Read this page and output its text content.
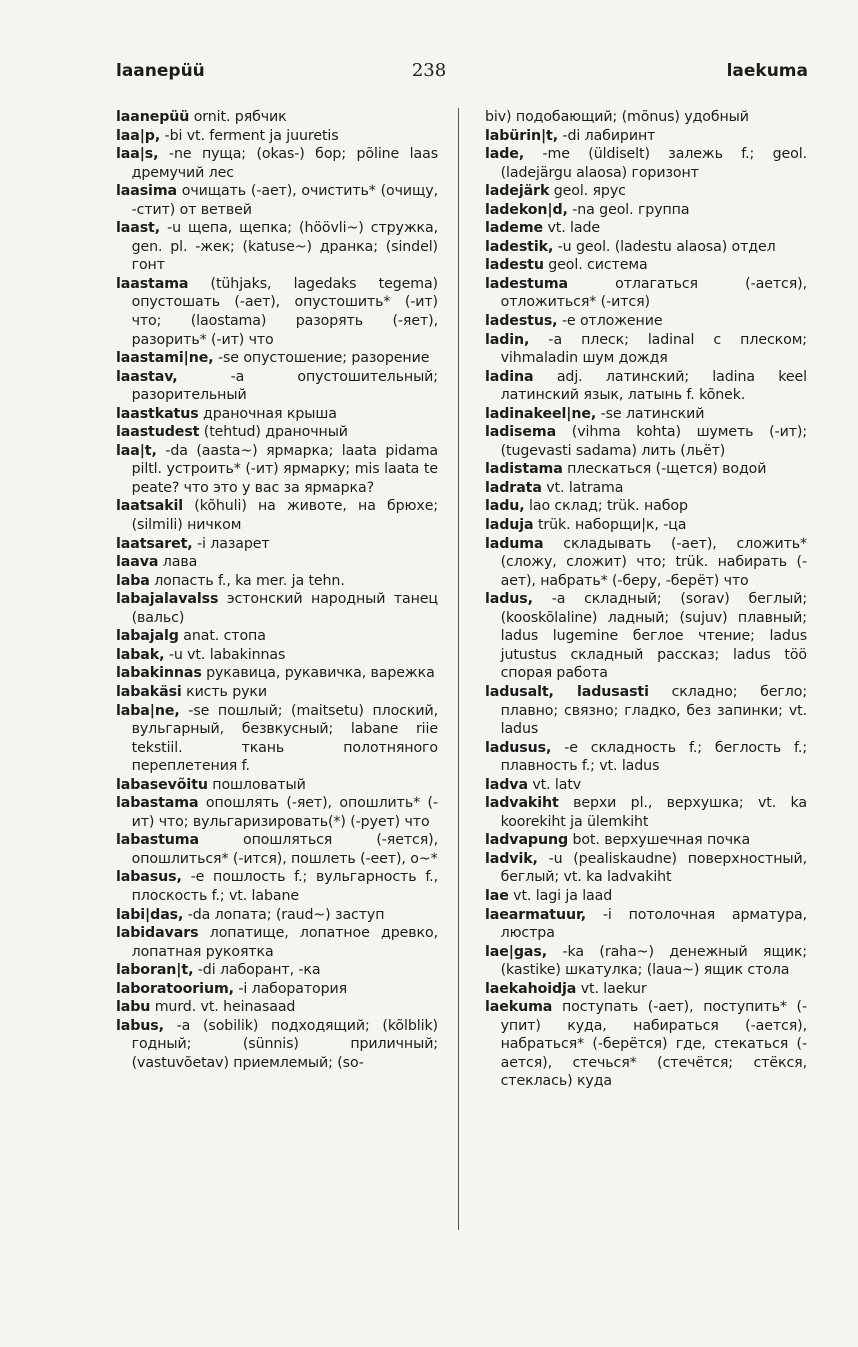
laanepüü	238	laekuma

laanepüü ornit. рябчик

laa|p, -bi vt. ferment ja juuretis

laa|s, -ne пуща; (okas-) бор; põline laas дремучий лес

laasima очищать (-ает), очистить* (очищу, -стит) от ветвей

laast, -u щепа, щепка; (höövli~) стружка, gen. pl. -жек; (katuse~) дранка; (sindel) гонт

laastama (tühjaks, lagedaks tegema) опустошать (-ает), опустошить* (-ит) что; (laostama) разорять (-яет), разорить* (-ит) что

laastami|ne, -se опустошение; разорение

laastav, -a опустошительный; разорительный

laastkatus драночная крыша

laastudest (tehtud) драночный

laa|t, -da (aasta~) ярмарка; laata pidama piltl. устроить* (-ит) ярмарку; mis laata te peate? что это у вас за ярмарка?

laatsakil (kõhuli) на животе, на брюхе; (silmili) ничком

laatsaret, -i лазарет

laava лава

laba лопасть f., ka mer. ja tehn.

labajalavalss эстонский народный танец (вальс)

labajalg anat. стопа

labak, -u vt. labakinnas

labakinnas рукавица, рукавичка, варежка

labakäsi кисть руки

laba|ne, -se пошлый; (maitsetu) плоский, вульгарный, безвкусный; labane riie tekstiil. ткань полотняного переплетения f.

labasevõitu пошловатый

labastama опошлять (-яет), опошлить* (-ит) что; вульгаризировать(*) (-рует) что

labastuma опошляться (-яется), опошлиться* (-ится), пошлеть (-еет), о~*

labasus, -e пошлость f.; вульгарность f., плоскость f.; vt. labane

labi|das, -da лопата; (raud~) заступ

labidavars лопатище, лопатное древко, лопатная рукоятка

laboran|t, -di лаборант, -ка

laboratoorium, -i лаборатория

labu murd. vt. heinasaad

labus, -a (sobilik) подходящий; (kõlblik) годный; (sünnis) приличный; (vastuvõetav) приемлемый; (so-

biv) подобающий; (mõnus) удобный

labürin|t, -di лабиринт

lade, -me (üldiselt) залежь f.; geol. (ladejärgu alaosa) горизонт

ladejärk geol. ярус

ladekon|d, -na geol. группа

lademe vt. lade

ladestik, -u geol. (ladestu alaosa) отдел

ladestu geol. система

ladestuma отлагаться (-ается), отложиться* (-ится)

ladestus, -e отложение

ladin, -a плеск; ladinal с плеском; vihmaladin шум дождя

ladina adj. латинский; ladina keel латинский язык, латынь f. kõnek.

ladinakeel|ne, -se латинский

ladisema (vihma kohta) шуметь (-ит); (tugevasti sadama) лить (льёт)

ladistama плескаться (-щется) водой

ladrata vt. latrama

ladu, lao склад; trük. набор

laduja trük. наборщи|к, -ца

laduma складывать (-ает), сложить* (сложу, сложит) что; trük. набирать (-ает), набрать* (-беру, -берёт) что

ladus, -a складный; (sorav) беглый; (kooskõlaline) ладный; (sujuv) плавный; ladus lugemine беглое чтение; ladus jutustus складный рассказ; ladus töö спорая работа

ladusalt, ladusasti складно; бегло; плавно; связно; гладко, без запинки; vt. ladus

ladusus, -e складность f.; беглость f.; плавность f.; vt. ladus

ladva vt. latv

ladvakiht верхи pl., верхушка; vt. ka koorekiht ja ülemkiht

ladvapung bot. верхушечная почка

ladvik, -u (pealiskaudne) поверхностный, беглый; vt. ka ladvakiht

lae vt. lagi ja laad

laearmatuur, -i потолочная арматура, люстра

lae|gas, -ka (raha~) денежный ящик; (kastike) шкатулка; (laua~) ящик стола

laekahoidja vt. laekur

laekuma поступать (-ает), поступить* (-упит) куда, набираться (-ается), набраться* (-берётся) где, стекаться (-ается), стечься* (стечётся; стёкся, стеклась) куда
